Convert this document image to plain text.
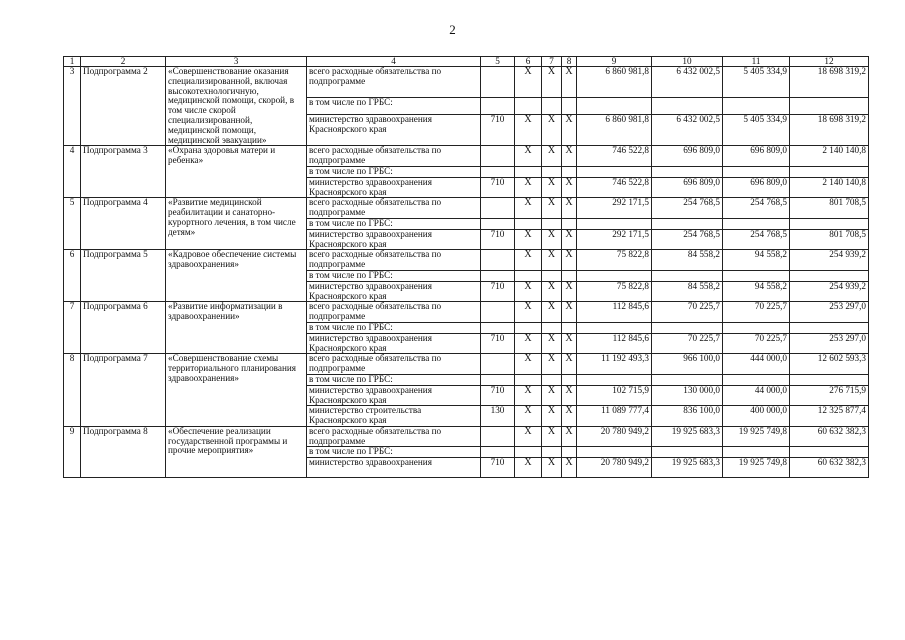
2
1	2	3	4	5	6	7	8	9	10	11	12
3	Подпрограмма 2	«Совершенствование оказания специализированной, включая высокотехнологичную, медицинской помощи, скорой, в том числе скорой специализированной, медицинской помощи, медицинской эвакуации»	всего расходные обязательства по подпрограмме		X	X	X	6 860 981,8	6 432 002,5	5 405 334,9	18 698 319,2
			в том числе по ГРБС:								
			министерство здравоохранения Красноярского края	710	X	X	X	6 860 981,8	6 432 002,5	5 405 334,9	18 698 319,2
4	Подпрограмма 3	«Охрана здоровья матери и ребенка»	всего расходные обязательства по подпрограмме		X	X	X	746 522,8	696 809,0	696 809,0	2 140 140,8
			в том числе по ГРБС:								
			министерство здравоохранения Красноярского края	710	X	X	X	746 522,8	696 809,0	696 809,0	2 140 140,8
5	Подпрограмма 4	«Развитие медицинской реабилитации и санаторно-курортного лечения, в том числе детям»	всего расходные обязательства по подпрограмме		X	X	X	292 171,5	254 768,5	254 768,5	801 708,5
			в том числе по ГРБС:								
			министерство здравоохранения Красноярского края	710	X	X	X	292 171,5	254 768,5	254 768,5	801 708,5
6	Подпрограмма 5	«Кадровое обеспечение системы здравоохранения»	всего расходные обязательства по подпрограмме		X	X	X	75 822,8	84 558,2	94 558,2	254 939,2
			в том числе по ГРБС:								
			министерство здравоохранения Красноярского края	710	X	X	X	75 822,8	84 558,2	94 558,2	254 939,2
7	Подпрограмма 6	«Развитие информатизации в здравоохранении»	всего расходные обязательства по подпрограмме		X	X	X	112 845,6	70 225,7	70 225,7	253 297,0
			в том числе по ГРБС:								
			министерство здравоохранения Красноярского края	710	X	X	X	112 845,6	70 225,7	70 225,7	253 297,0
8	Подпрограмма 7	«Совершенствование схемы территориального планирования здравоохранения»	всего расходные обязательства по подпрограмме		X	X	X	11 192 493,3	966 100,0	444 000,0	12 602 593,3
			в том числе по ГРБС:								
			министерство здравоохранения Красноярского края	710	X	X	X	102 715,9	130 000,0	44 000,0	276 715,9
			министерство строительства Красноярского края	130	X	X	X	11 089 777,4	836 100,0	400 000,0	12 325 877,4
9	Подпрограмма 8	«Обеспечение реализации государственной программы и прочие мероприятия»	всего расходные обязательства по подпрограмме		X	X	X	20 780 949,2	19 925 683,3	19 925 749,8	60 632 382,3
			в том числе по ГРБС:								
			министерство здравоохранения	710	X	X	X	20 780 949,2	19 925 683,3	19 925 749,8	60 632 382,3
